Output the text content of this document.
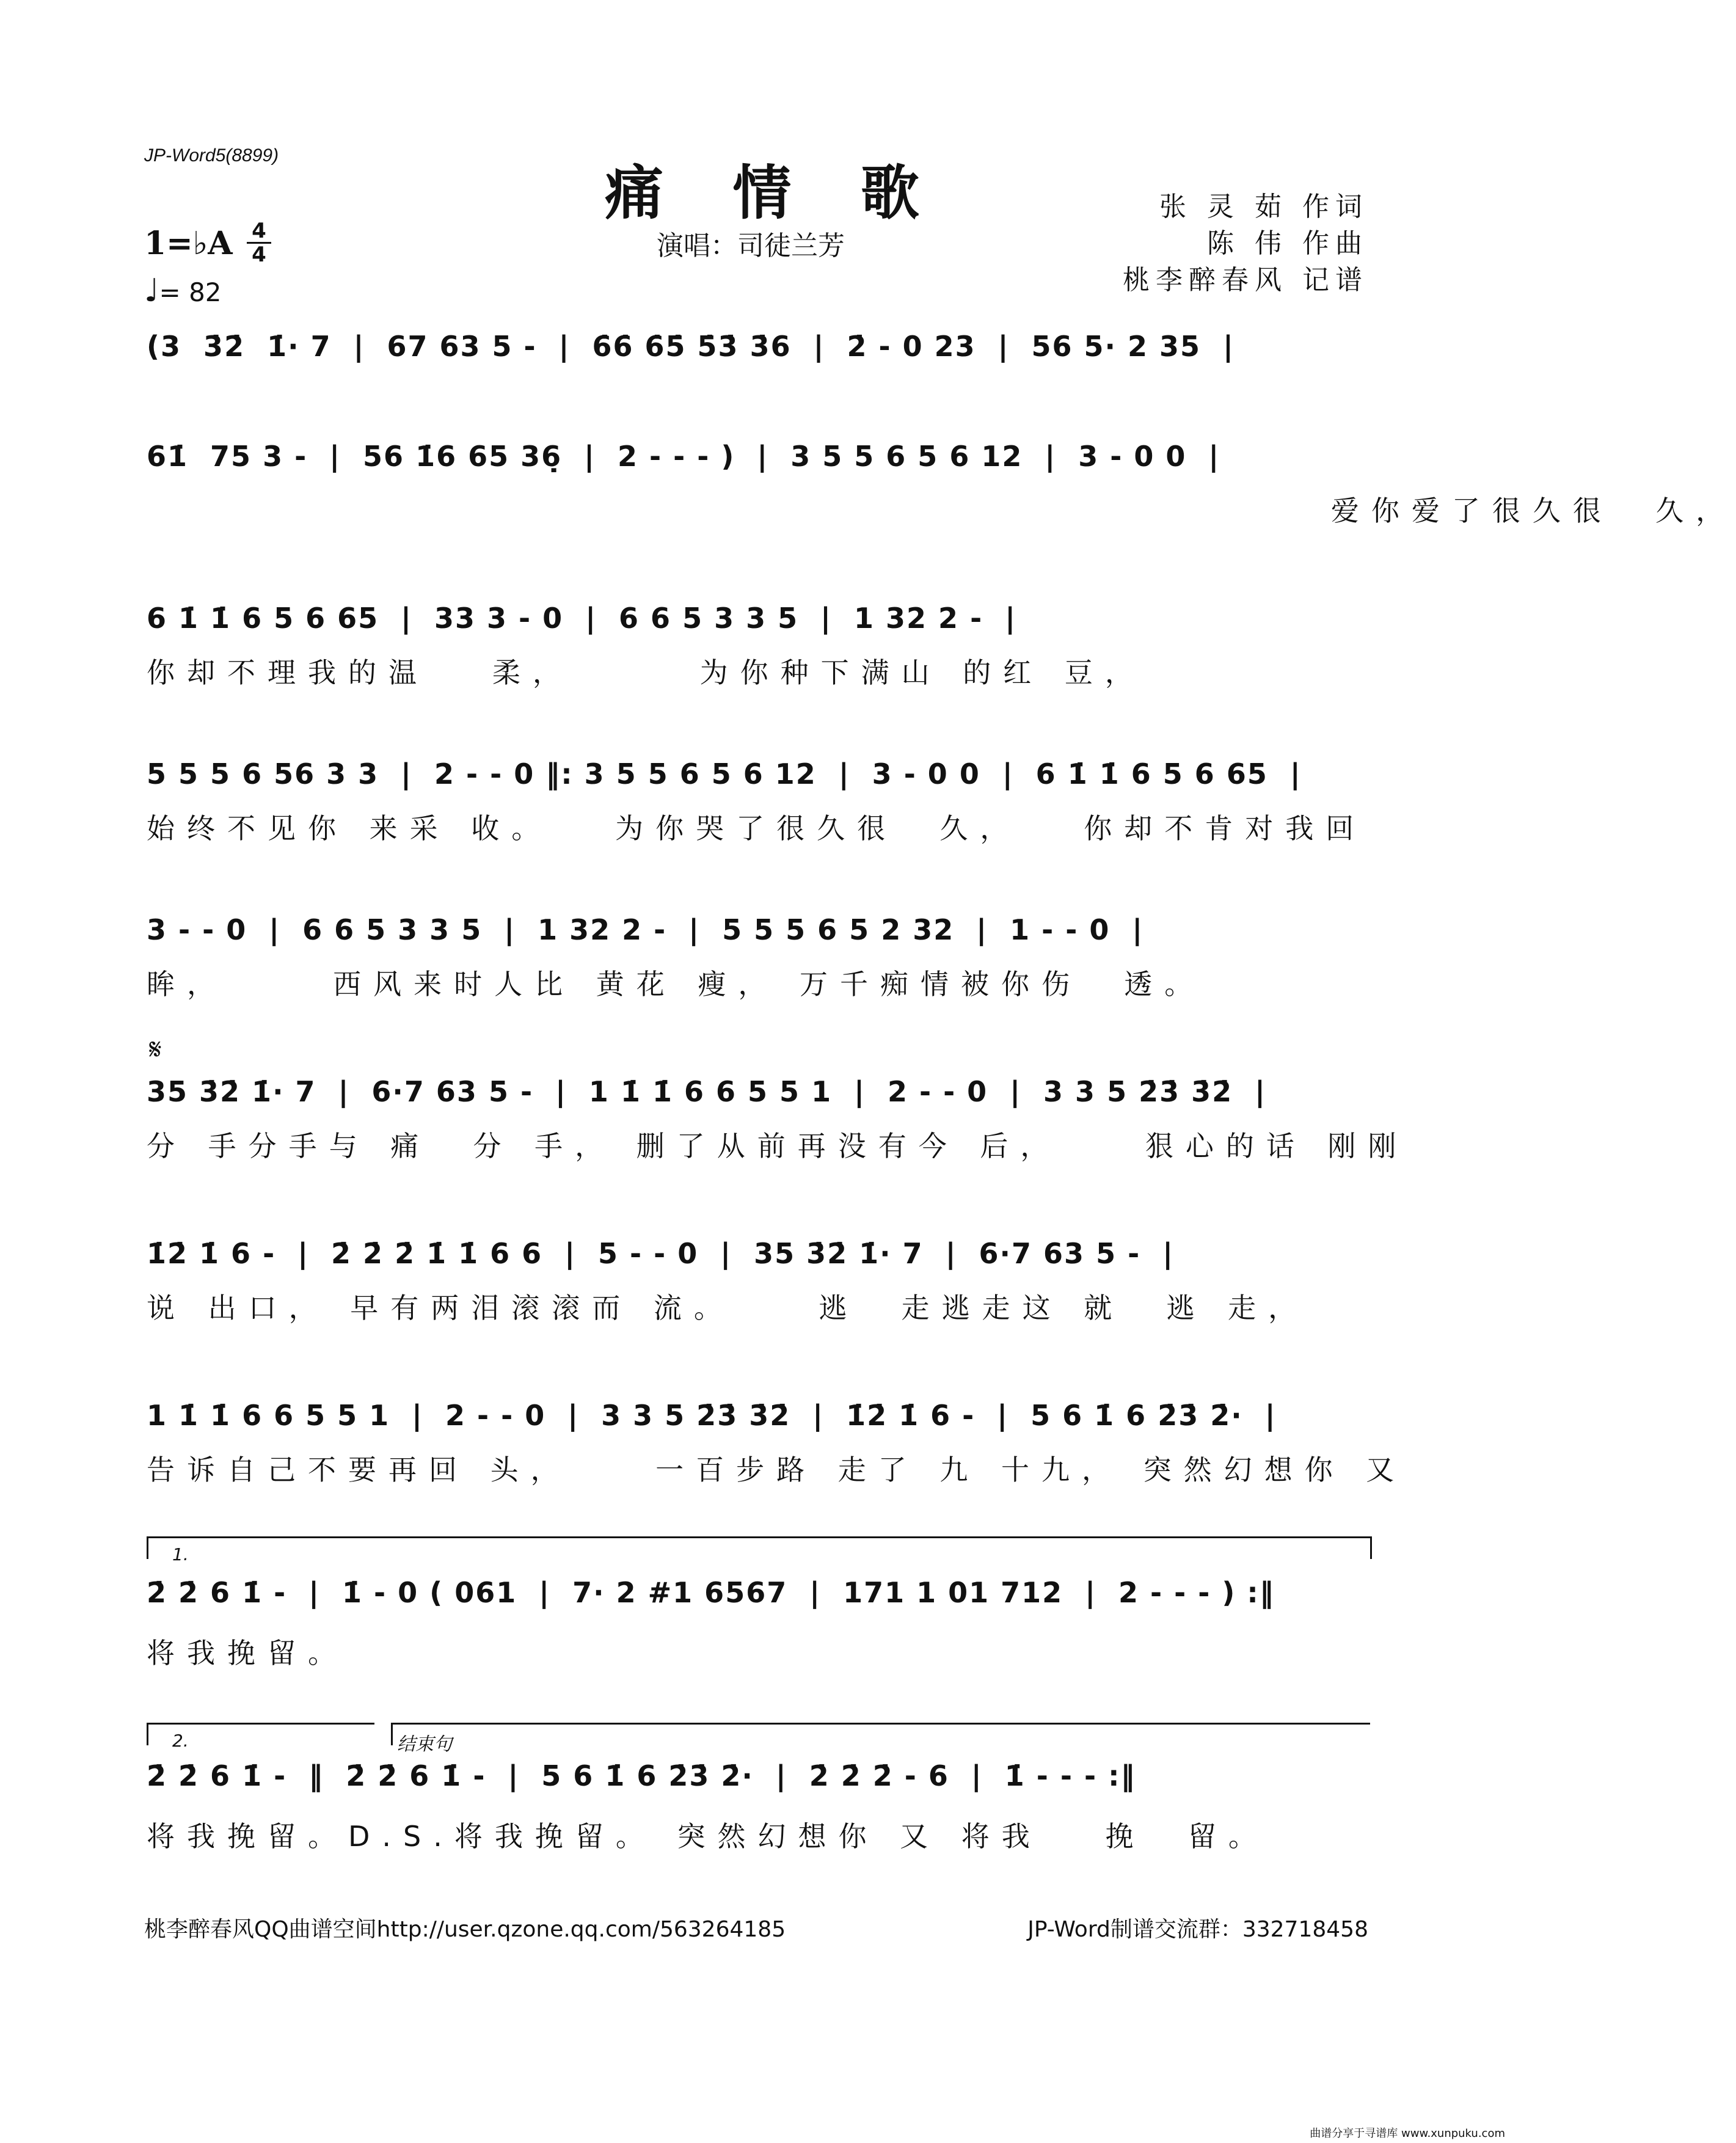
JP-Word5(8899)
痛 情 歌
演唱：司徒兰芳
张 灵 茹 作词
陈 伟 作曲
桃李醉春风 记谱
1=♭A 4
4
♩= 82
(3  3̇2̇  1̇· 7  |  67 63 5 -  |  6̇6̇ 6̇5̇ 5̇3̇ 3̇6  |  2̇ - 0 23  |  56 5· 2 35  |
61̇  75 3 -  |  56 1̇6 65 36̣  |  2 - - - )  |  3 5 5 6 5 6 12  |  3 - 0 0  |
爱你爱了很久很  久，
6 1̇ 1̇ 6 5 6 65  |  33 3 - 0  |  6 6 5 3 3 5  |  1 32 2 -  |
你却不理我的温   柔，      为你种下满山 的红 豆，
5 5 5 6 56 3 3  |  2 - - 0 ‖: 3 5 5 6 5 6 12  |  3 - 0 0  |  6 1̇ 1̇ 6 5 6 65  |
始终不见你 来采 收。   为你哭了很久很  久，   你却不肯对我回
3 - - 0  |  6 6 5 3 3 5  |  1 32 2 -  |  5 5 5 6 5 2 32  |  1 - - 0  |
眸，     西风来时人比 黄花 瘦， 万千痴情被你伤  透。
𝄋
35 3̇2̇ 1̇· 7  |  6·7 63 5 -  |  1 1̇ 1̇ 6 6 5 5 1  |  2 - - 0  |  3 3 5 2̇3̇ 3̇2̇  |
分 手分手与 痛  分 手， 删了从前再没有今 后，    狠心的话 刚刚
1̇2̇ 1̇ 6 -  |  2̇ 2̇ 2̇ 1̇ 1̇ 6 6  |  5 - - 0  |  35 3̇2̇ 1̇· 7  |  6·7 63 5 -  |
说 出口， 早有两泪滚滚而 流。    逃  走逃走这 就  逃 走，
1 1̇ 1̇ 6 6 5 5 1  |  2 - - 0  |  3 3 5 2̇3̇ 3̇2̇  |  1̇2̇ 1̇ 6 -  |  5 6 1̇ 6 2̇3̇ 2̇·  |
告诉自己不要再回 头，    一百步路 走了 九 十九， 突然幻想你 又
1.
2̇ 2̇ 6 1̇ -  |  1̇ - 0 ( 061  |  7· 2 #1 6567  |  171 1 01 712  |  2 - - - ) :‖
将我挽留。
2.	结束句
2̇ 2̇ 6 1̇ -  ‖  2̇ 2̇ 6 1̇ -  |  5 6 1̇ 6 2̇3̇ 2̇·  |  2̇ 2̇ 2̇ - 6  |  1̇ - - - :‖
将我挽留。D.S.将我挽留。 突然幻想你 又 将我   挽  留。
桃李醉春风QQ曲谱空间http://user.qzone.qq.com/563264185	JP-Word制谱交流群：332718458
曲谱分享于寻谱库 www.xunpuku.com
